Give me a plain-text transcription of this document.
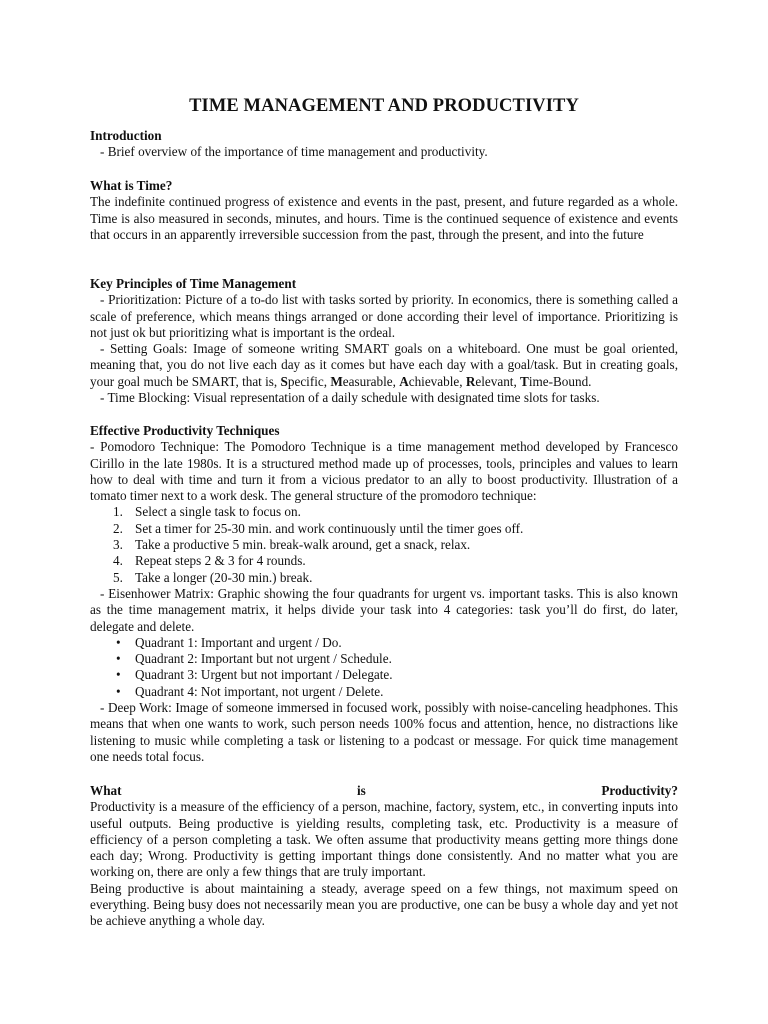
TIME MANAGEMENT AND PRODUCTIVITY

Introduction

- Brief overview of the importance of time management and productivity.

What is Time?

The indefinite continued progress of existence and events in the past, present, and future regarded as a whole. Time is also measured in seconds, minutes, and hours. Time is the continued sequence of existence and events that occurs in an apparently irreversible succession from the past, through the present, and into the future

Key Principles of Time Management

- Prioritization: Picture of a to-do list with tasks sorted by priority. In economics, there is something called a scale of preference, which means things arranged or done according their level of importance. Prioritizing is not just ok but prioritizing what is important is the ordeal.

- Setting Goals: Image of someone writing SMART goals on a whiteboard. One must be goal oriented, meaning that, you do not live each day as it comes but have each day with a goal/task. But in creating goals, your goal much be SMART, that is, Specific, Measurable, Achievable, Relevant, Time-Bound.

- Time Blocking: Visual representation of a daily schedule with designated time slots for tasks.

Effective Productivity Techniques

- Pomodoro Technique: The Pomodoro Technique is a time management method developed by Francesco Cirillo in the late 1980s. It is a structured method made up of processes, tools, principles and values to learn how to deal with time and turn it from a vicious predator to an ally to boost productivity. Illustration of a tomato timer next to a work desk. The general structure of the promodoro technique:

1. Select a single task to focus on.
2. Set a timer for 25-30 min. and work continuously until the timer goes off.
3. Take a productive 5 min. break-walk around, get a snack, relax.
4. Repeat steps 2 & 3 for 4 rounds.
5. Take a longer (20-30 min.) break.

- Eisenhower Matrix: Graphic showing the four quadrants for urgent vs. important tasks. This is also known as the time management matrix, it helps divide your task into 4 categories: task you’ll do first, do later, delegate and delete.

• Quadrant 1: Important and urgent / Do.
• Quadrant 2: Important but not urgent / Schedule.
• Quadrant 3: Urgent but not important / Delegate.
• Quadrant 4: Not important, not urgent / Delete.

- Deep Work: Image of someone immersed in focused work, possibly with noise-canceling headphones. This means that when one wants to work, such person needs 100% focus and attention, hence, no distractions like listening to music while completing a task or listening to a podcast or message. For quick time management one needs total focus.

What	is	Productivity?

Productivity is a measure of the efficiency of a person, machine, factory, system, etc., in converting inputs into useful outputs. Being productive is yielding results, completing task, etc. Productivity is a measure of efficiency of a person completing a task. We often assume that productivity means getting more things done each day; Wrong. Productivity is getting important things done consistently. And no matter what you are working on, there are only a few things that are truly important.

Being productive is about maintaining a steady, average speed on a few things, not maximum speed on everything. Being busy does not necessarily mean you are productive, one can be busy a whole day and yet not be achieve anything a whole day.
